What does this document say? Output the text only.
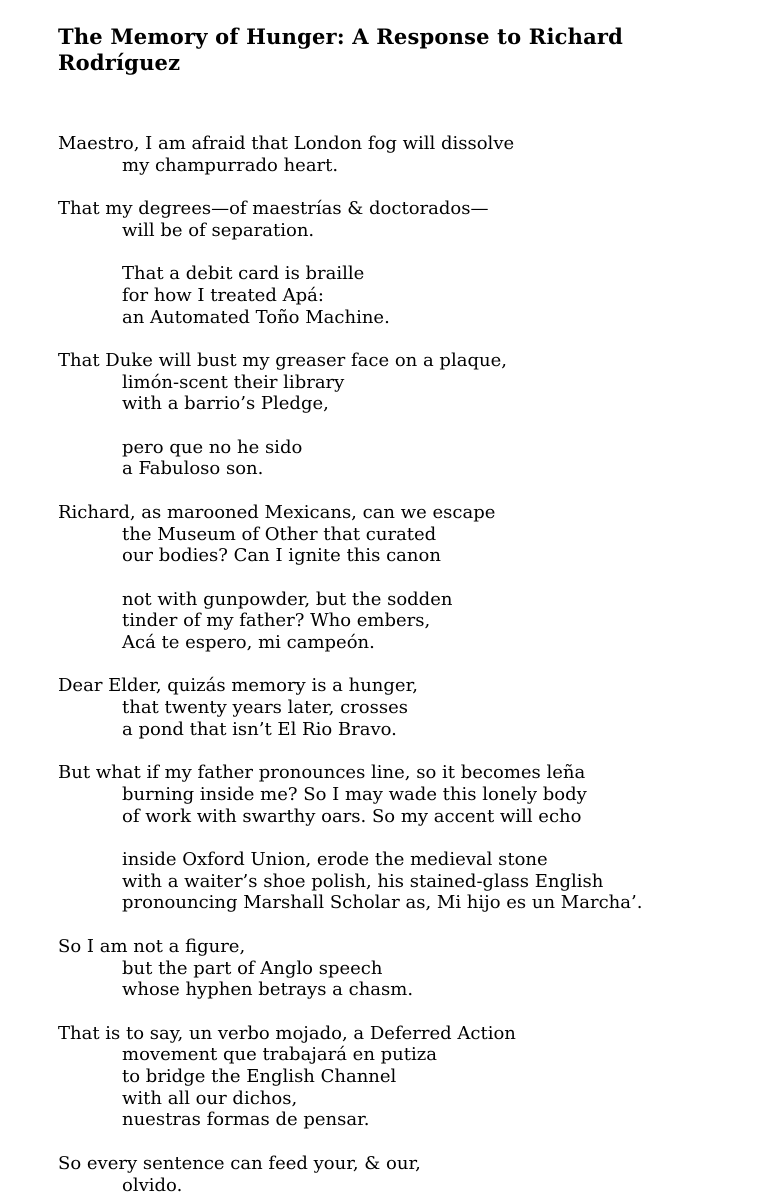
The Memory of Hunger: A Response to Richard Rodríguez
Maestro, I am afraid that London fog will dissolve
my champurrado heart.
That my degrees—of maestrías & doctorados—
will be of separation.
That a debit card is braille
for how I treated Apá:
an Automated Toño Machine.
That Duke will bust my greaser face on a plaque,
limón-scent their library
with a barrio’s Pledge,
pero que no he sido
a Fabuloso son.
Richard, as marooned Mexicans, can we escape
the Museum of Other that curated
our bodies? Can I ignite this canon
not with gunpowder, but the sodden
tinder of my father? Who embers,
Acá te espero, mi campeón.
Dear Elder, quizás memory is a hunger,
that twenty years later, crosses
a pond that isn’t El Rio Bravo.
But what if my father pronounces line, so it becomes leña
burning inside me? So I may wade this lonely body
of work with swarthy oars. So my accent will echo
inside Oxford Union, erode the medieval stone
with a waiter’s shoe polish, his stained-glass English
pronouncing Marshall Scholar as, Mi hijo es un Marcha’.
So I am not a figure,
but the part of Anglo speech
whose hyphen betrays a chasm.
That is to say, un verbo mojado, a Deferred Action
movement que trabajará en putiza
to bridge the English Channel
with all our dichos,
nuestras formas de pensar.
So every sentence can feed your, & our,
olvido.
